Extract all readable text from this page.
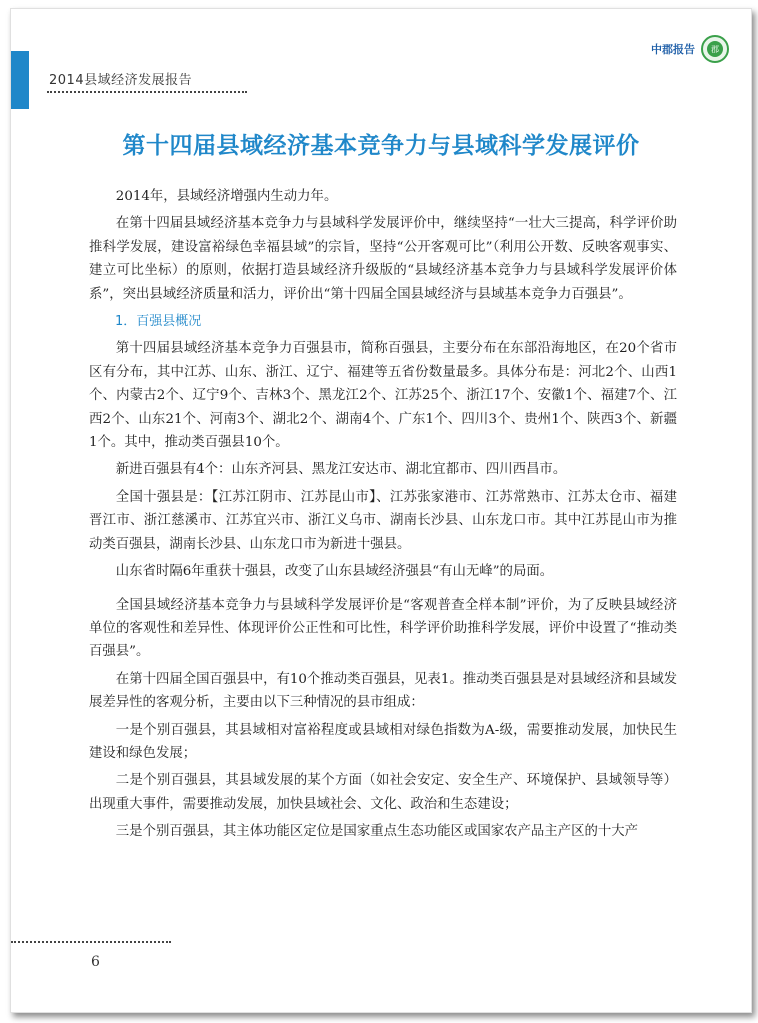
2014县域经济发展报告
中郡报告	郡
第十四届县域经济基本竞争力与县域科学发展评价

2014年，县域经济增强内生动力年。

在第十四届县域经济基本竞争力与县域科学发展评价中，继续坚持“一壮大三提高，科学评价助推科学发展，建设富裕绿色幸福县域”的宗旨，坚持“公开客观可比”（利用公开数、反映客观事实、建立可比坐标）的原则，依据打造县域经济升级版的“县域经济基本竞争力与县域科学发展评价体系”，突出县域经济质量和活力，评价出“第十四届全国县域经济与县域基本竞争力百强县”。

1．百强县概况

第十四届县域经济基本竞争力百强县市，简称百强县，主要分布在东部沿海地区，在20个省市区有分布，其中江苏、山东、浙江、辽宁、福建等五省份数量最多。具体分布是：河北2个、山西1个、内蒙古2个、辽宁9个、吉林3个、黑龙江2个、江苏25个、浙江17个、安徽1个、福建7个、江西2个、山东21个、河南3个、湖北2个、湖南4个、广东1个、四川3个、贵州1个、陕西3个、新疆1个。其中，推动类百强县10个。

新进百强县有4个：山东齐河县、黑龙江安达市、湖北宜都市、四川西昌市。

全国十强县是：【江苏江阴市、江苏昆山市】、江苏张家港市、江苏常熟市、江苏太仓市、福建晋江市、浙江慈溪市、江苏宜兴市、浙江义乌市、湖南长沙县、山东龙口市。其中江苏昆山市为推动类百强县，湖南长沙县、山东龙口市为新进十强县。

山东省时隔6年重获十强县，改变了山东县域经济强县“有山无峰”的局面。

全国县域经济基本竞争力与县域科学发展评价是“客观普查全样本制”评价，为了反映县域经济单位的客观性和差异性、体现评价公正性和可比性，科学评价助推科学发展，评价中设置了“推动类百强县”。

在第十四届全国百强县中，有10个推动类百强县，见表1。推动类百强县是对县域经济和县域发展差异性的客观分析，主要由以下三种情况的县市组成：

一是个别百强县，其县域相对富裕程度或县域相对绿色指数为A-级，需要推动发展，加快民生建设和绿色发展；

二是个别百强县，其县域发展的某个方面（如社会安定、安全生产、环境保护、县域领导等）出现重大事件，需要推动发展，加快县域社会、文化、政治和生态建设；

三是个别百强县，其主体功能区定位是国家重点生态功能区或国家农产品主产区的十大产

6
